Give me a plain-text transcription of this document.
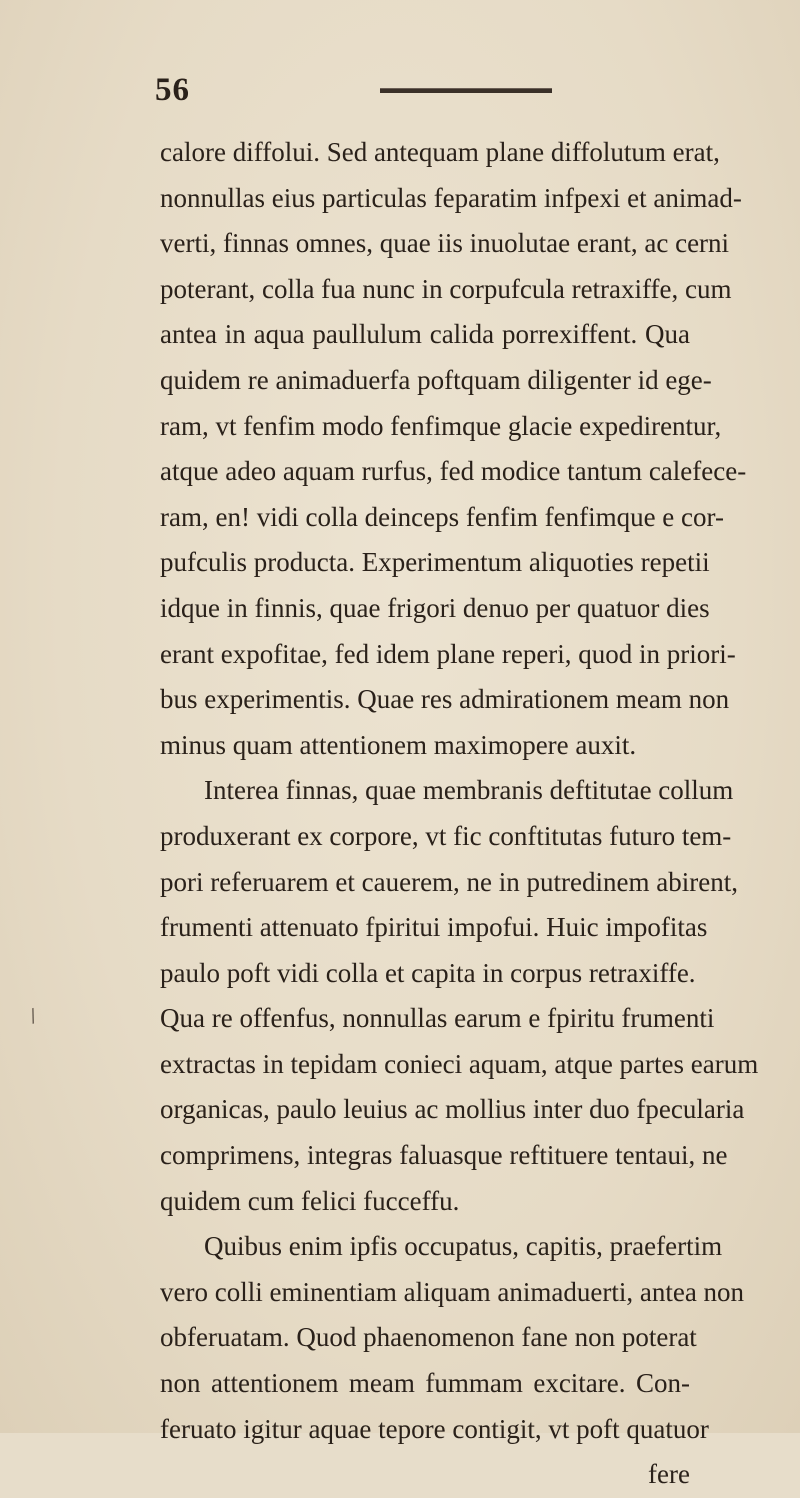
56
/
calore diffolui. Sed antequam plane diffolutum erat,
nonnullas eius particulas feparatim infpexi et animad-
verti, finnas omnes, quae iis inuolutae erant, ac cerni
poterant, colla fua nunc in corpufcula retraxiffe, cum
antea in aqua paullulum calida porrexiffent. Qua
quidem re animaduerfa poftquam diligenter id ege-
ram, vt fenfim modo fenfimque glacie expedirentur,
atque adeo aquam rurfus, fed modice tantum calefece-
ram, en! vidi colla deinceps fenfim fenfimque e cor-
pufculis producta. Experimentum aliquoties repetii
idque in finnis, quae frigori denuo per quatuor dies
erant expofitae, fed idem plane reperi, quod in priori-
bus experimentis. Quae res admirationem meam non
minus quam attentionem maximopere auxit.
Interea finnas, quae membranis deftitutae collum
produxerant ex corpore, vt fic conftitutas futuro tem-
pori referuarem et cauerem, ne in putredinem abirent,
frumenti attenuato fpiritui impofui. Huic impofitas
paulo poft vidi colla et capita in corpus retraxiffe.
Qua re offenfus, nonnullas earum e fpiritu frumenti
extractas in tepidam conieci aquam, atque partes earum
organicas, paulo leuius ac mollius inter duo fpecularia
comprimens, integras faluasque reftituere tentaui, ne
quidem cum felici fucceffu.
Quibus enim ipfis occupatus, capitis, praefertim
vero colli eminentiam aliquam animaduerti, antea non
obferuatam. Quod phaenomenon fane non poterat
non attentionem meam fummam excitare. Con-
feruato igitur aquae tepore contigit, vt poft quatuor
fere
